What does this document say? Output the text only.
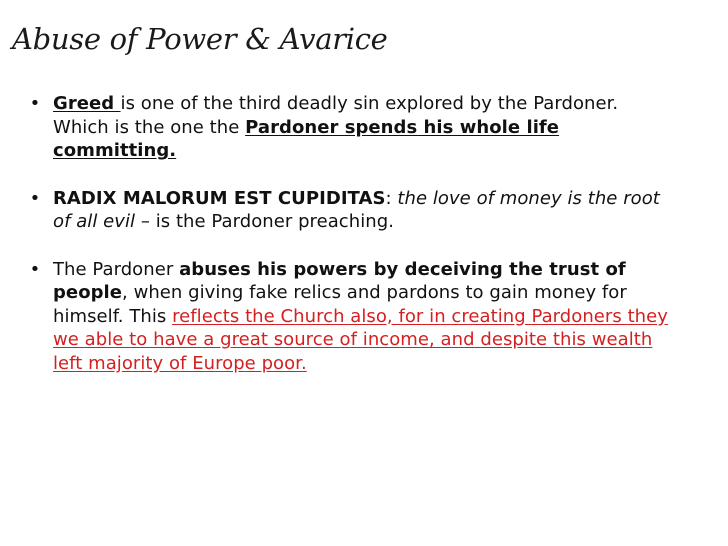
Abuse of Power & Avarice
• Greed is one of the third deadly sin explored by the Pardoner. Which is the one the Pardoner spends his whole life committing.
• RADIX MALORUM EST CUPIDITAS: the love of money is the root of all evil – is the Pardoner preaching.
• The Pardoner abuses his powers by deceiving the trust of people, when giving fake relics and pardons to gain money for himself. This reflects the Church also, for in creating Pardoners they we able to have a great source of income, and despite this wealth left majority of Europe poor.
